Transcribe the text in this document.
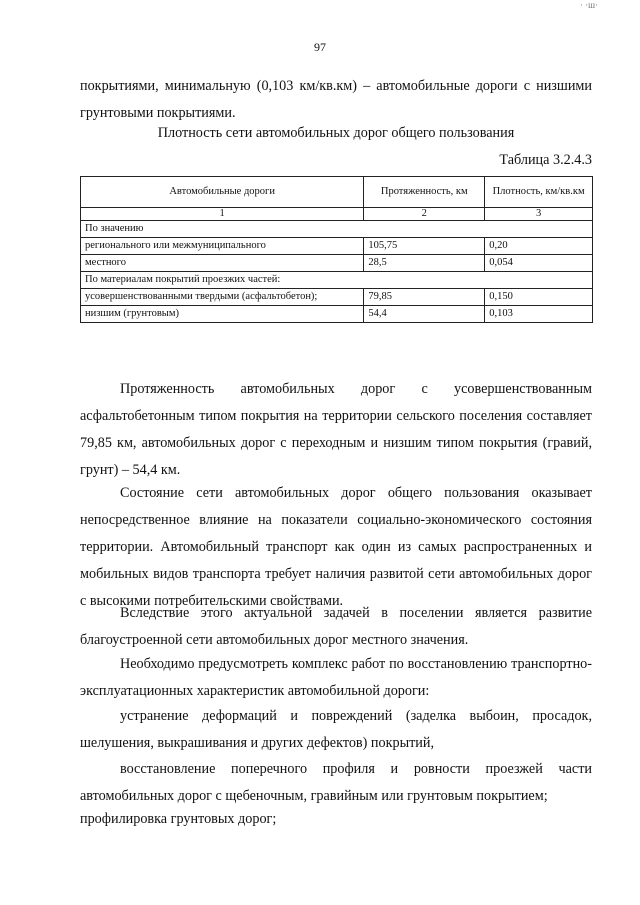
· ·ш·
97

покрытиями, минимальную (0,103 км/кв.км) – автомобильные дороги с низшими грунтовыми покрытиями.

Плотность сети автомобильных дорог общего пользования
Таблица 3.2.4.3
Автомобильные дороги	Протяженность, км	Плотность, км/кв.км
1	2	3
По значению		
регионального или межмуниципального	105,75	0,20
местного	28,5	0,054
По материалам покрытий проезжих частей:		
усовершенствованными твердыми (асфальтобетон);	79,85	0,150
низшим (грунтовым)	54,4	0,103

Протяженность автомобильных дорог с усовершенствованным асфальтобетонным типом покрытия на территории сельского поселения составляет 79,85 км, автомобильных дорог с переходным и низшим типом покрытия (гравий, грунт) – 54,4 км.

Состояние сети автомобильных дорог общего пользования оказывает непосредственное влияние на показатели социально-экономического состояния территории. Автомобильный транспорт как один из самых распространенных и мобильных видов транспорта требует наличия развитой сети автомобильных дорог с высокими потребительскими свойствами.

Вследствие этого актуальной задачей в поселении является развитие благоустроенной сети автомобильных дорог местного значения.

Необходимо предусмотреть комплекс работ по восстановлению транспортно-эксплуатационных характеристик автомобильной дороги:

устранение деформаций и повреждений (заделка выбоин, просадок, шелушения, выкрашивания и других дефектов) покрытий,

восстановление поперечного профиля и ровности проезжей части автомобильных дорог с щебеночным, гравийным или грунтовым покрытием;

профилировка грунтовых дорог;
